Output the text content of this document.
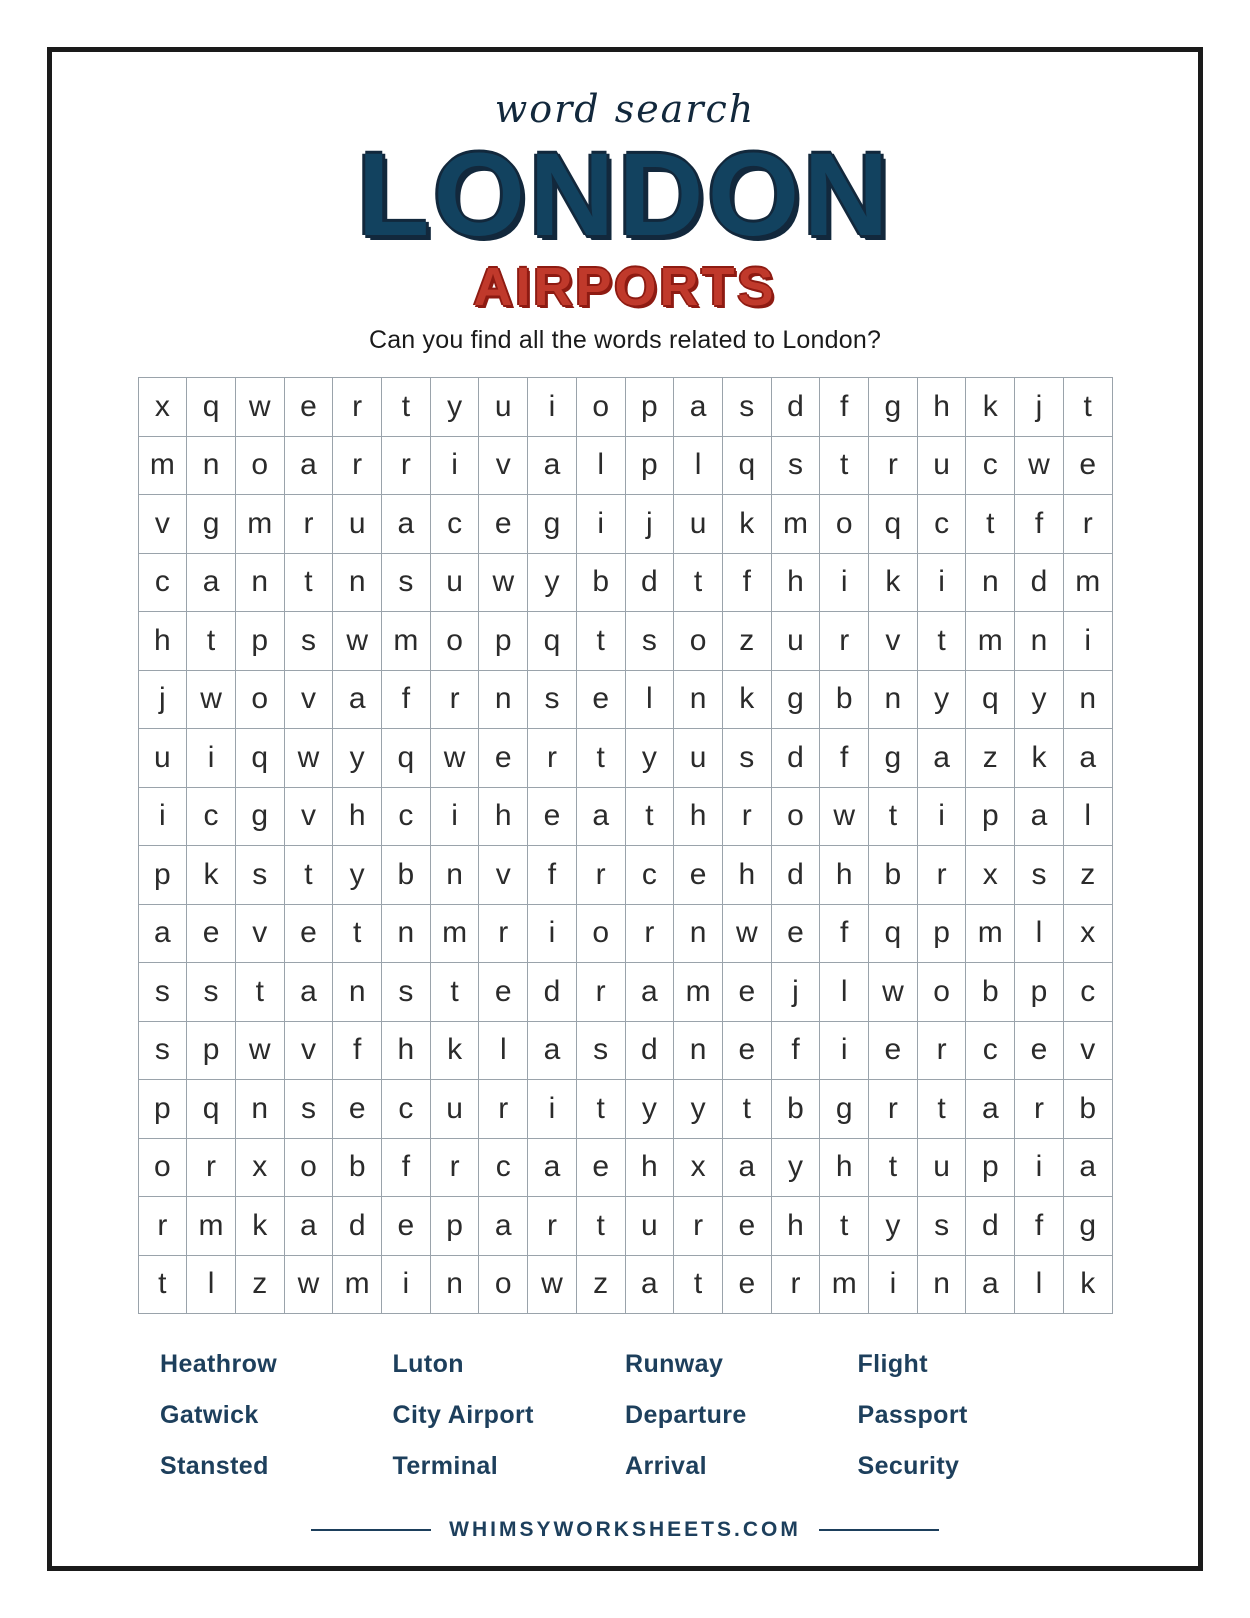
word search
LONDON
AIRPORTS
Can you find all the words related to London?
x	q w e	r	t	y	u	i	o	p	a	s	d	f	g	h	k	j	t
m n	o	a	r	r	i	v	a	l	p	l	q	s	t	r	u	c	w e
v	g m	r	u	a	c	e	g	i	j	u	k m o	q	c	t	f	r
c	a	n	t	n	s	u w	y	b	d	t	f	h	i	k	i	n	d m
h	t	p	s	w m o	p	q	t	s	o	z	u	r	v	t	m n	i
j	w o	v	a	f	r	n	s	e	l	n	k	g	b	n	y	q	y	n
u	i	q w	y	q w e	r	t	y	u	s	d	f	g	a	z	k	a
i	c	g	v	h	c	i	h	e	a	t	h	r	o w	t	i	p	a	l
p	k	s	t	y	b	n	v	f	r	c	e	h	d	h	b	r	x	s	z
a	e	v	e	t	n m	r	i	o	r	n w e	f	q	p m	l	x
s	s	t	a	n	s	t	e	d	r	a m e	j	l	w o	b	p	c
s	p w	v	f	h	k	l	a	s	d	n	e	f	i	e	r	c	e	v
p	q	n	s	e	c	u	r	i	t	y	y	t	b	g	r	t	a	r	b
o	r	x	o	b	f	r	c	a	e	h	x	a	y	h	t	u	p	i	a
r	m k	a	d	e	p	a	r	t	u	r	e	h	t	y	s	d	f	g
t	l	z	w m	i	n	o w	z	a	t	e	r	m	i	n	a	l	k
Heathrow	Luton	Runway	Flight
Gatwick	City Airport	Departure	Passport
Stansted	Terminal	Arrival	Security
WHIMSYWORKSHEETS.COM
